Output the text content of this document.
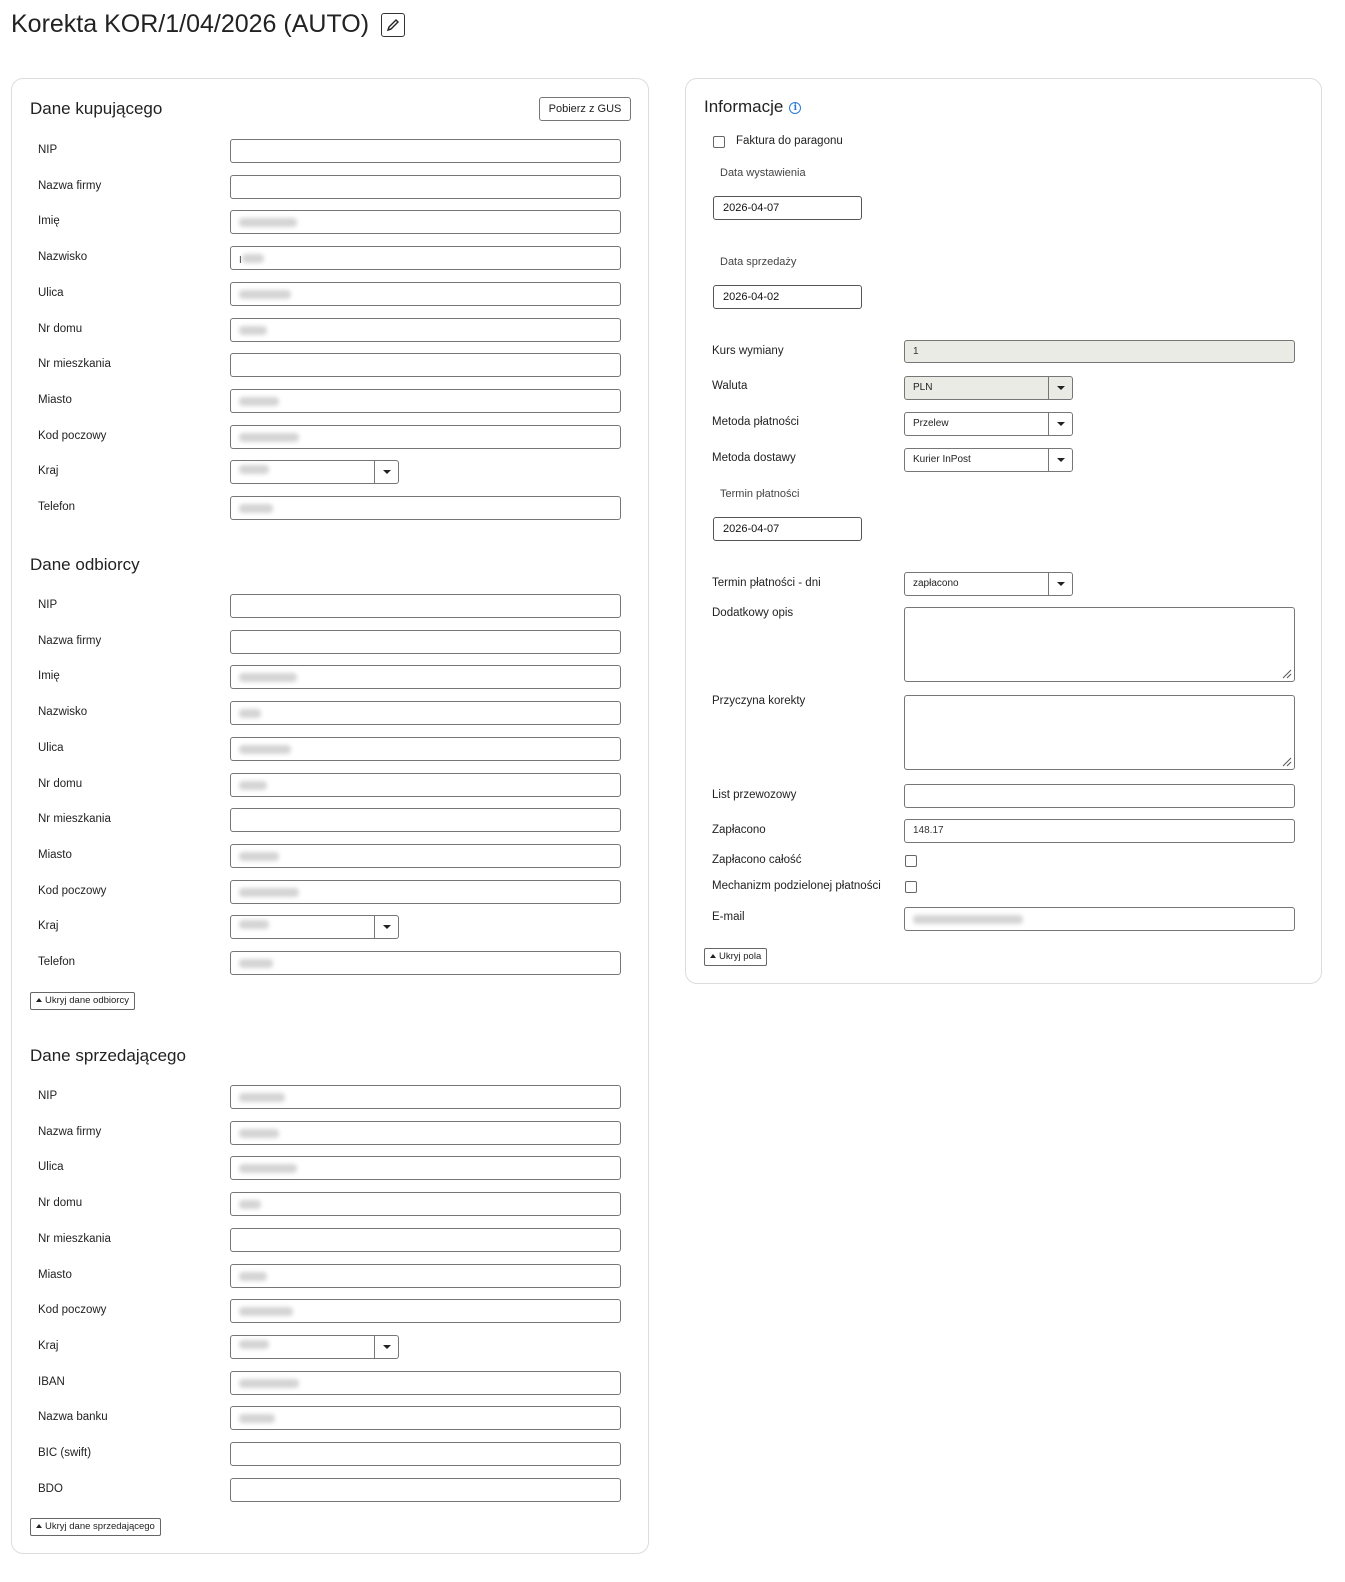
Korekta KOR/1/04/2026 (AUTO)
Dane kupującego	Pobierz z GUS
NIP
Nazwa firmy
Imię
Nazwisko	I
Ulica
Nr domu
Nr mieszkania
Miasto
Kod poczowy
Kraj
Telefon
Dane odbiorcy
NIP
Nazwa firmy
Imię
Nazwisko
Ulica
Nr domu
Nr mieszkania
Miasto
Kod poczowy
Kraj
Telefon
Ukryj dane odbiorcy
Dane sprzedającego
NIP
Nazwa firmy
Ulica
Nr domu
Nr mieszkania
Miasto
Kod poczowy
Kraj
IBAN
Nazwa banku
BIC (swift)
BDO
Ukryj dane sprzedającego
Informacje i
Faktura do paragonu
Data wystawienia
2026-04-07
Data sprzedaży
2026-04-02
Kurs wymiany	1
Waluta	PLN
Metoda płatności	Przelew
Metoda dostawy	Kurier InPost
Termin płatności
2026-04-07
Termin płatności - dni	zapłacono
Dodatkowy opis
Przyczyna korekty
List przewozowy
Zapłacono	148.17
Zapłacono całość
Mechanizm podzielonej płatności
E-mail
Ukryj pola
